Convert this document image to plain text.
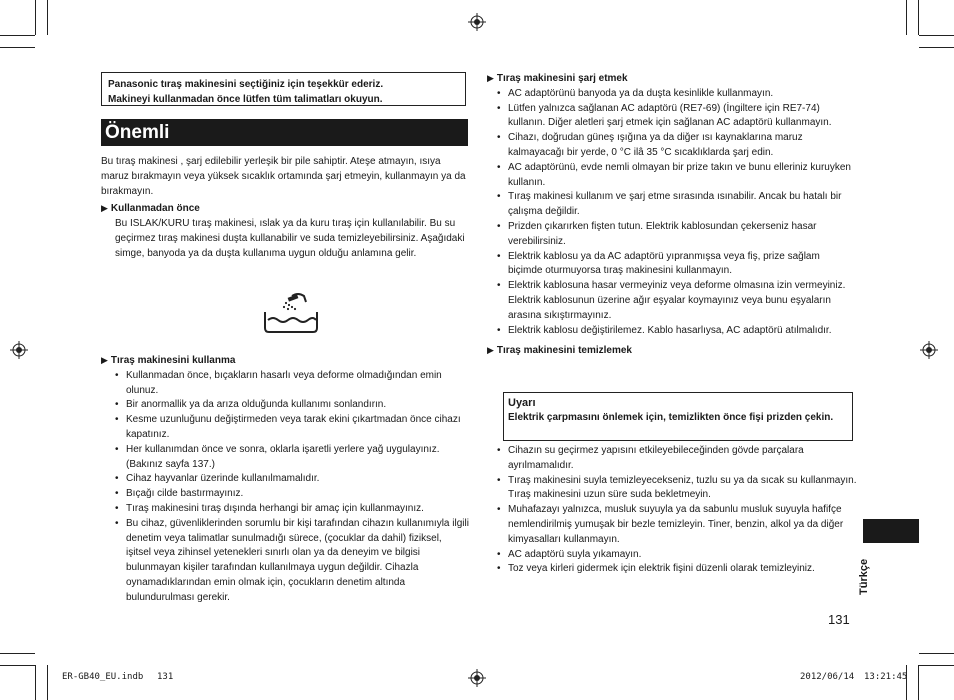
Panasonic tıraş makinesini seçtiğiniz için teşekkür ederiz.
Makineyi kullanmadan önce lütfen tüm talimatları okuyun.
Önemli

Bu tıraş makinesi , şarj edilebilir yerleşik bir pile sahiptir. Ateşe atmayın, ısıya maruz bırakmayın veya yüksek sıcaklık ortamında şarj etmeyin, kullanmayın ya da bırakmayın.

▶ Kullanmadan önce

Bu ISLAK/KURU tıraş makinesi, ıslak ya da kuru tıraş için kullanılabilir. Bu su geçirmez tıraş makinesi duşta kullanabilir ve suda temizleyebilirsiniz. Aşağıdaki simge, banyoda ya da duşta kullanıma uygun olduğu anlamına gelir.

▶ Tıraş makinesini kullanma

• Kullanmadan önce, bıçakların hasarlı veya deforme olmadığından emin olunuz.
• Bir anormallik ya da arıza olduğunda kullanımı sonlandırın.
• Kesme uzunluğunu değiştirmeden veya tarak ekini çıkartmadan önce cihazı kapatınız.
• Her kullanımdan önce ve sonra, oklarla işaretli yerlere yağ uygulayınız. (Bakınız sayfa 137.)
• Cihaz hayvanlar üzerinde kullanılmamalıdır.
• Bıçağı cilde bastırmayınız.
• Tıraş makinesini tıraş dışında herhangi bir amaç için kullanmayınız.
• Bu cihaz, güvenliklerinden sorumlu bir kişi tarafından cihazın kullanımıyla ilgili denetim veya talimatlar sunulmadığı sürece, (çocuklar da dahil) fiziksel, işitsel veya zihinsel yetenekleri sınırlı olan ya da deneyim ve bilgisi bulunmayan kişiler tarafından kullanılmaya uygun değildir. Cihazla oynamadıklarından emin olmak için, çocukların denetim altında bulundurulması gerekir.

▶ Tıraş makinesini şarj etmek

• AC adaptörünü banyoda ya da duşta kesinlikle kullanmayın.
• Lütfen yalnızca sağlanan AC adaptörü (RE7-69) (İngiltere için RE7-74) kullanın. Diğer aletleri şarj etmek için sağlanan AC adaptörü kullanmayın.
• Cihazı, doğrudan güneş ışığına ya da diğer ısı kaynaklarına maruz kalmayacağı bir yerde, 0 °C ilâ 35 °C sıcaklıklarda şarj edin.
• AC adaptörünü, evde nemli olmayan bir prize takın ve bunu elleriniz kuruyken kullanın.
• Tıraş makinesi kullanım ve şarj etme sırasında ısınabilir. Ancak bu hatalı bir çalışma değildir.
• Prizden çıkarırken fişten tutun. Elektrik kablosundan çekerseniz hasar verebilirsiniz.
• Elektrik kablosu ya da AC adaptörü yıpranmışsa veya fiş, prize sağlam biçimde oturmuyorsa tıraş makinesini kullanmayın.
• Elektrik kablosuna hasar vermeyiniz veya deforme olmasına izin vermeyiniz. Elektrik kablosunun üzerine ağır eşyalar koymayınız veya bunu eşyaların arasına sıkıştırmayınız.
• Elektrik kablosu değiştirilemez. Kablo hasarlıysa, AC adaptörü atılmalıdır.

▶ Tıraş makinesini temizlemek

Uyarı
Elektrik çarpmasını önlemek için, temizlikten önce fişi prizden çekin.
• Cihazın su geçirmez yapısını etkileyebileceğinden gövde parçalara ayrılmamalıdır.
• Tıraş makinesini suyla temizleyecekseniz, tuzlu su ya da sıcak su kullanmayın. Tıraş makinesini uzun süre suda bekletmeyin.
• Muhafazayı yalnızca, musluk suyuyla ya da sabunlu musluk suyuyla hafifçe nemlendirilmiş yumuşak bir bezle temizleyin. Tiner, benzin, alkol ya da diğer kimyasalları kullanmayın.
• AC adaptörü suyla yıkamayın.
• Toz veya kirleri gidermek için elektrik fişini düzenli olarak temizleyiniz.	Türkçe
131
ER-GB40_EU.indb 131	2012/06/14 13:21:45
